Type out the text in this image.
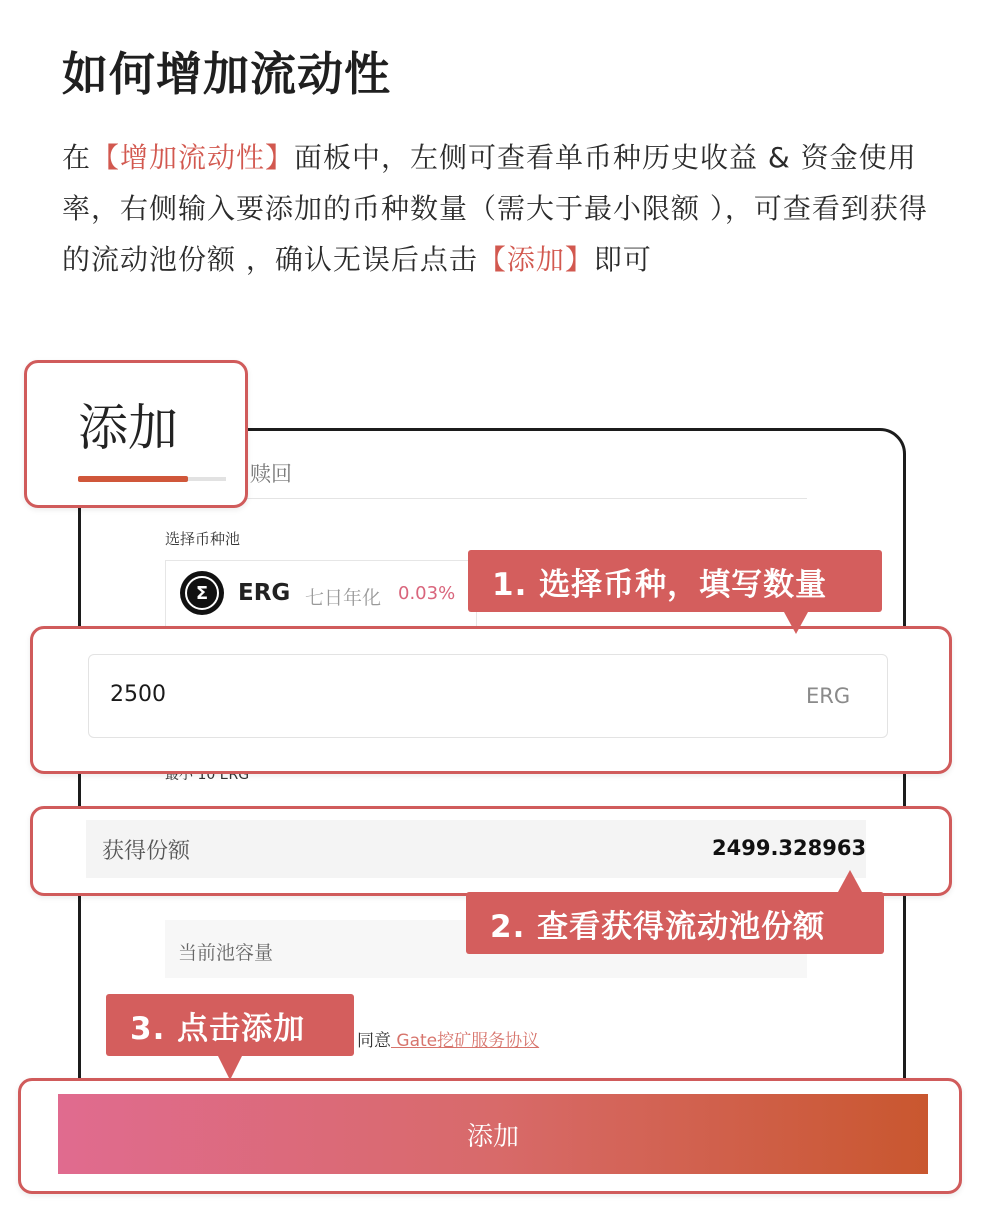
如何增加流动性

在【增加流动性】面板中，左侧可查看单币种历史收益 & 资金使用率，右侧输入要添加的币种数量（需大于最小限额 ），可查看到获得的流动池份额 ，确认无误后点击【添加】即可

赎回
选择币种池
Σ	ERG 七日年化 0.03%
当前池容量
同意 Gate挖矿服务协议
添加
2500	ERG
1. 选择币种，填写数量
获得份额	2499.328963
2. 查看获得流动池份额
添加
3. 点击添加
